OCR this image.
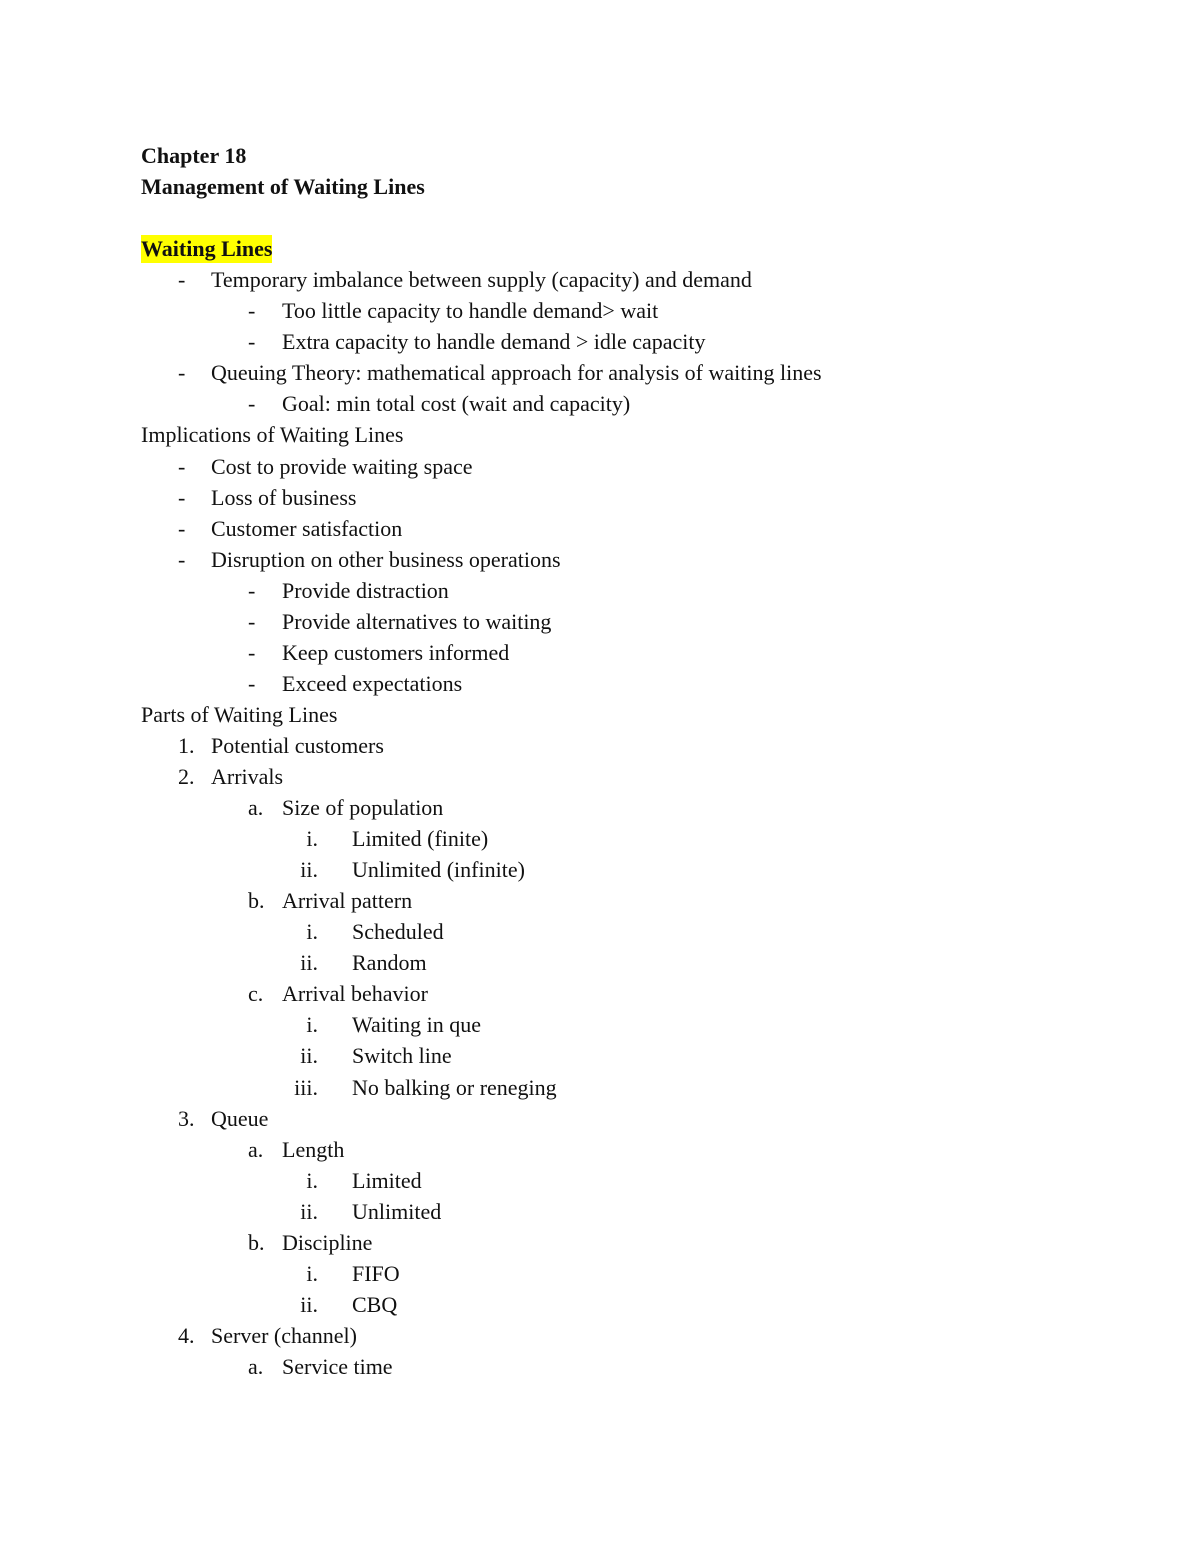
Chapter 18
Management of Waiting Lines
Waiting Lines
- Temporary imbalance between supply (capacity) and demand
- Too little capacity to handle demand> wait
- Extra capacity to handle demand > idle capacity
- Queuing Theory: mathematical approach for analysis of waiting lines
- Goal: min total cost (wait and capacity)
Implications of Waiting Lines
- Cost to provide waiting space
- Loss of business
- Customer satisfaction
- Disruption on other business operations
- Provide distraction
- Provide alternatives to waiting
- Keep customers informed
- Exceed expectations
Parts of Waiting Lines
1. Potential customers
2. Arrivals
a. Size of population
i. Limited (finite)
ii. Unlimited (infinite)
b. Arrival pattern
i. Scheduled
ii. Random
c. Arrival behavior
i. Waiting in que
ii. Switch line
iii. No balking or reneging
3. Queue
a. Length
i. Limited
ii. Unlimited
b. Discipline
i. FIFO
ii. CBQ
4. Server (channel)
a. Service time
